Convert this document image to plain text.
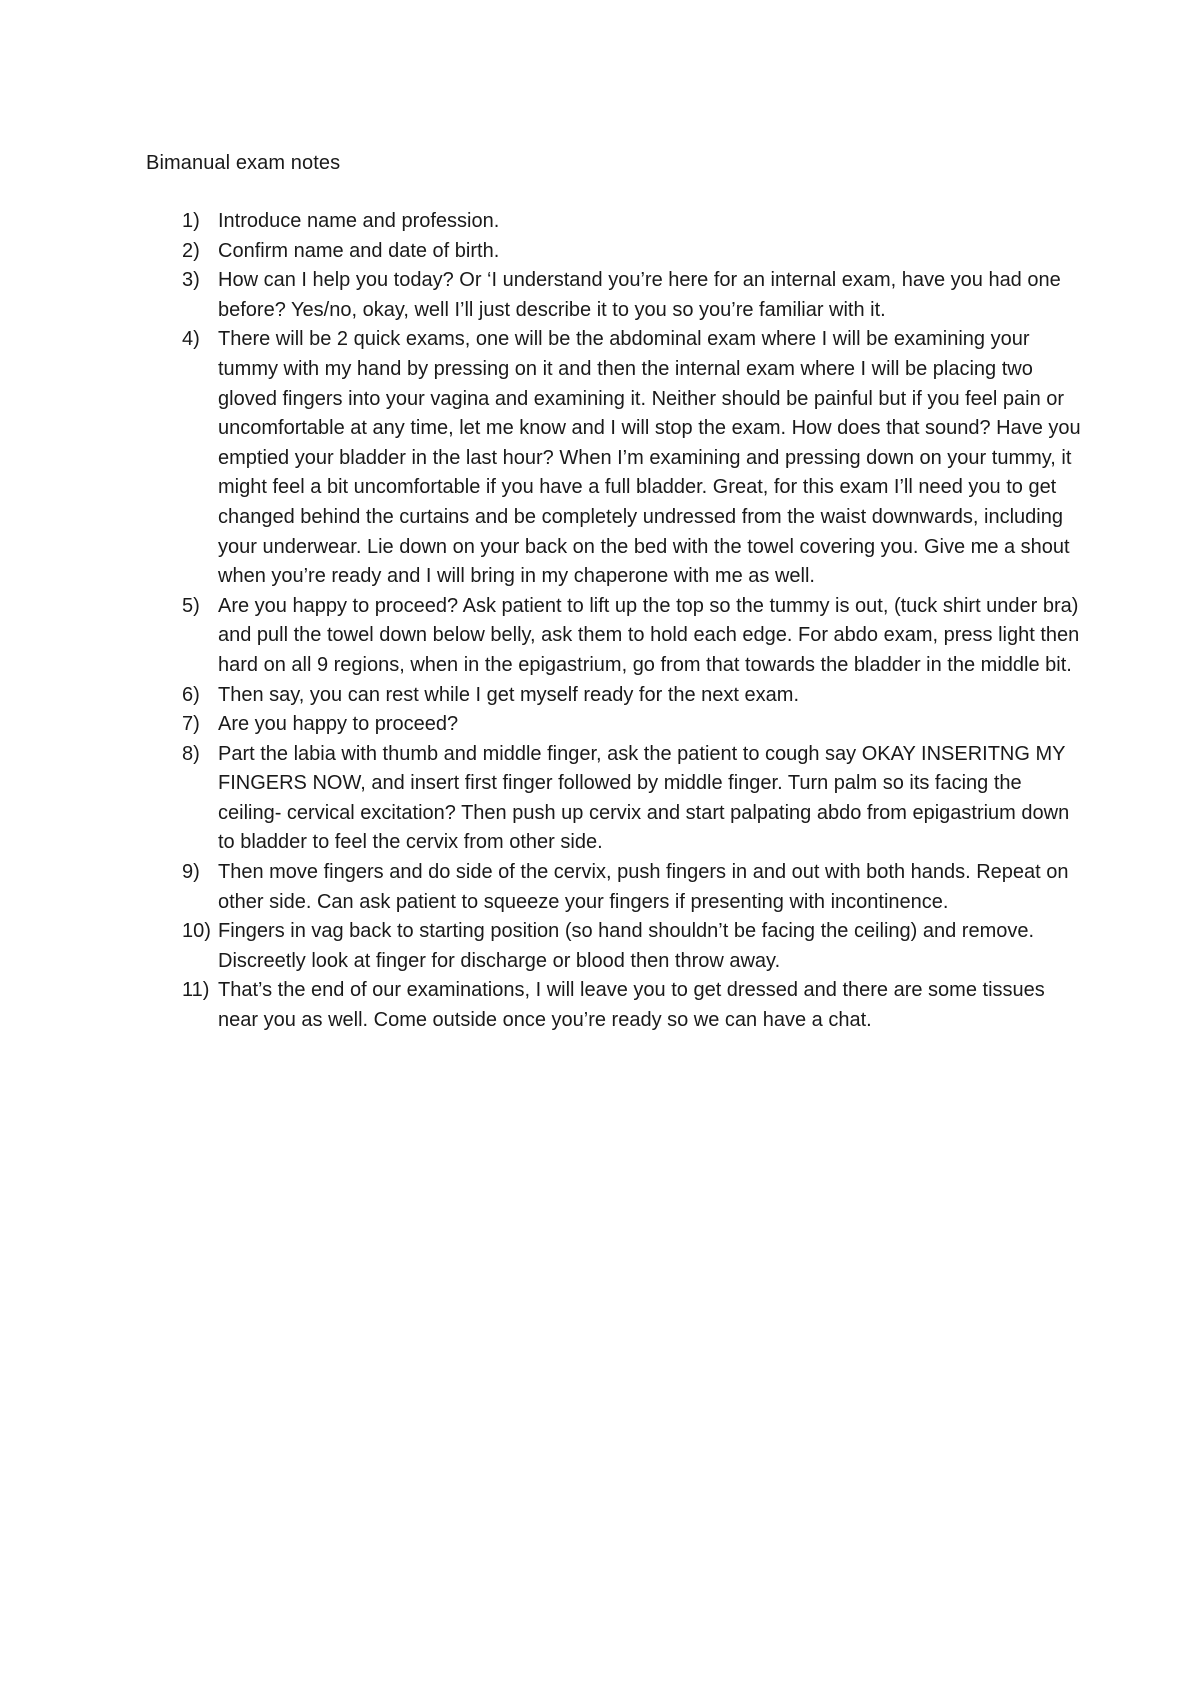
Bimanual exam notes
1) Introduce name and profession.
2) Confirm name and date of birth.
3) How can I help you today? Or ‘I understand you’re here for an internal exam, have you had one before? Yes/no, okay, well I’ll just describe it to you so you’re familiar with it.
4) There will be 2 quick exams, one will be the abdominal exam where I will be examining your tummy with my hand by pressing on it and then the internal exam where I will be placing two gloved fingers into your vagina and examining it. Neither should be painful but if you feel pain or uncomfortable at any time, let me know and I will stop the exam. How does that sound? Have you emptied your bladder in the last hour? When I’m examining and pressing down on your tummy, it might feel a bit uncomfortable if you have a full bladder. Great, for this exam I’ll need you to get changed behind the curtains and be completely undressed from the waist downwards, including your underwear. Lie down on your back on the bed with the towel covering you. Give me a shout when you’re ready and I will bring in my chaperone with me as well.
5) Are you happy to proceed? Ask patient to lift up the top so the tummy is out, (tuck shirt under bra) and pull the towel down below belly, ask them to hold each edge. For abdo exam, press light then hard on all 9 regions, when in the epigastrium, go from that towards the bladder in the middle bit.
6) Then say, you can rest while I get myself ready for the next exam.
7) Are you happy to proceed?
8) Part the labia with thumb and middle finger, ask the patient to cough say OKAY INSERITNG MY FINGERS NOW, and insert first finger followed by middle finger. Turn palm so its facing the ceiling- cervical excitation? Then push up cervix and start palpating abdo from epigastrium down to bladder to feel the cervix from other side.
9) Then move fingers and do side of the cervix, push fingers in and out with both hands. Repeat on other side. Can ask patient to squeeze your fingers if presenting with incontinence.
10) Fingers in vag back to starting position (so hand shouldn’t be facing the ceiling) and remove. Discreetly look at finger for discharge or blood then throw away.
11) That’s the end of our examinations, I will leave you to get dressed and there are some tissues near you as well. Come outside once you’re ready so we can have a chat.
